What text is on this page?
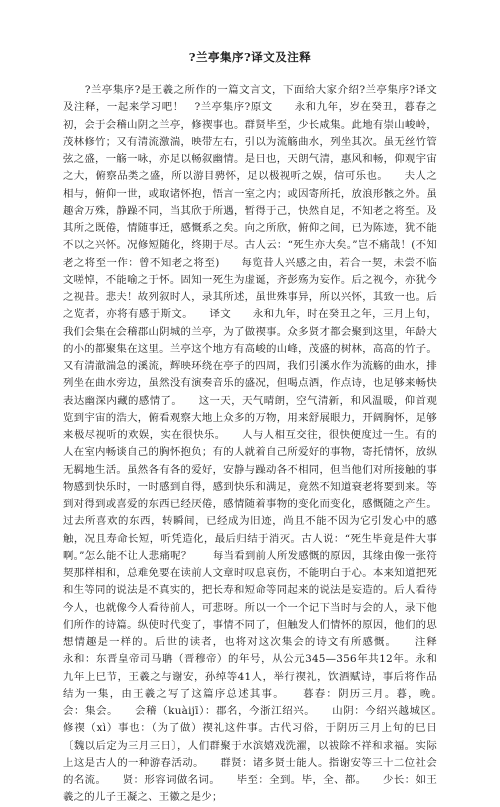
?兰亭集序?译文及注释

　　?兰亭集序?是王羲之所作的一篇文言文，下面给大家介绍?兰亭集序?译文及注释，一起来学习吧！　?兰亭集序?原文　　永和九年，岁在癸丑，暮春之初，会于会稽山阴之兰亭，修禊事也。群贤毕至，少长咸集。此地有崇山峻岭，茂林修竹；又有清流激湍，映带左右，引以为流觞曲水，列坐其次。虽无丝竹管弦之盛，一觞一咏，亦足以畅叙幽情。是日也，天朗气清，惠风和畅，仰观宇宙之大，俯察品类之盛，所以游目骋怀，足以极视听之娱，信可乐也。　　夫人之相与，俯仰一世，或取诸怀抱，悟言一室之内；或因寄所托，放浪形骸之外。虽趣舍万殊，静躁不同，当其欣于所遇，暂得于己，快然自足，不知老之将至。及其所之既倦，情随事迁，感慨系之矣。向之所欣，俯仰之间，已为陈迹，犹不能不以之兴怀。况修短随化，终期于尽。古人云：“死生亦大矣。”岂不痛哉！(不知老之将至一作：曾不知老之将至)　　每览昔人兴感之由，若合一契，未尝不临文嗟悼，不能喻之于怀。固知一死生为虚诞，齐彭殇为妄作。后之视今，亦犹今之视昔。悲夫！故列叙时人，录其所述，虽世殊事异，所以兴怀，其致一也。后之览者，亦将有感于斯文。　　译文　　永和九年，时在癸丑之年，三月上旬，我们会集在会稽郡山阴城的兰亭，为了做禊事。众多贤才都会聚到这里，年龄大的小的都聚集在这里。兰亭这个地方有高峻的山峰，茂盛的树林，高高的竹子。又有清澈湍急的溪流，辉映环绕在亭子的四周，我们引溪水作为流觞的曲水，排列坐在曲水旁边，虽然没有演奏音乐的盛况，但喝点酒，作点诗，也足够来畅快表达幽深内藏的感情了。　　这一天，天气晴朗，空气清新，和风温暖，仰首观览到宇宙的浩大，俯看观察大地上众多的万物，用来舒展眼力，开阔胸怀，足够来极尽视听的欢娱，实在很快乐。　　人与人相互交往，很快便度过一生。有的人在室内畅谈自己的胸怀抱负；有的人就着自己所爱好的事物，寄托情怀，放纵无羁地生活。虽然各有各的爱好，安静与躁动各不相同，但当他们对所接触的事物感到快乐时，一时感到自得，感到快乐和满足，竟然不知道衰老将要到来。等到对得到或喜爱的东西已经厌倦，感情随着事物的变化而变化，感慨随之产生。过去所喜欢的东西，转瞬间，已经成为旧迹，尚且不能不因为它引发心中的感触，况且寿命长短，听凭造化，最后归结于消灭。古人说：“死生毕竟是件大事啊。”怎么能不让人悲痛呢？　　每当看到前人所发感慨的原因，其缘由像一张符契那样相和，总难免要在读前人文章时叹息哀伤，不能明白于心。本来知道把死和生等同的说法是不真实的，把长寿和短命等同起来的说法是妄造的。后人看待今人，也就像今人看待前人，可悲呀。所以一个一个记下当时与会的人，录下他们所作的诗篇。纵使时代变了，事情不同了，但触发人们情怀的原因，他们的思想情趣是一样的。后世的读者，也将对这次集会的诗文有所感慨。　　注释　　永和：东晋皇帝司马聃（晋穆帝）的年号，从公元345—356年共12年。永和九年上巳节，王羲之与谢安，孙绰等41人，举行禊礼，饮酒赋诗，事后将作品结为一集，由王羲之写了这篇序总述其事。　　暮春：阴历三月。暮，晚。　　会：集会。　　会稽（kuàijī）：郡名，今浙江绍兴。　　山阴：今绍兴越城区。　　修禊（xì）事也：（为了做）禊礼这件事。古代习俗，于阴历三月上旬的巳日〔魏以后定为三月三日〕，人们群聚于水滨嬉戏洗濯，以祓除不祥和求福。实际上这是古人的一种游春活动。　　群贤：诸多贤士能人。指谢安等三十二位社会的名流。　　贤：形容词做名词。　　毕至：全到。毕，全、都。　　少长：如王羲之的儿子王凝之、王徽之是少；
